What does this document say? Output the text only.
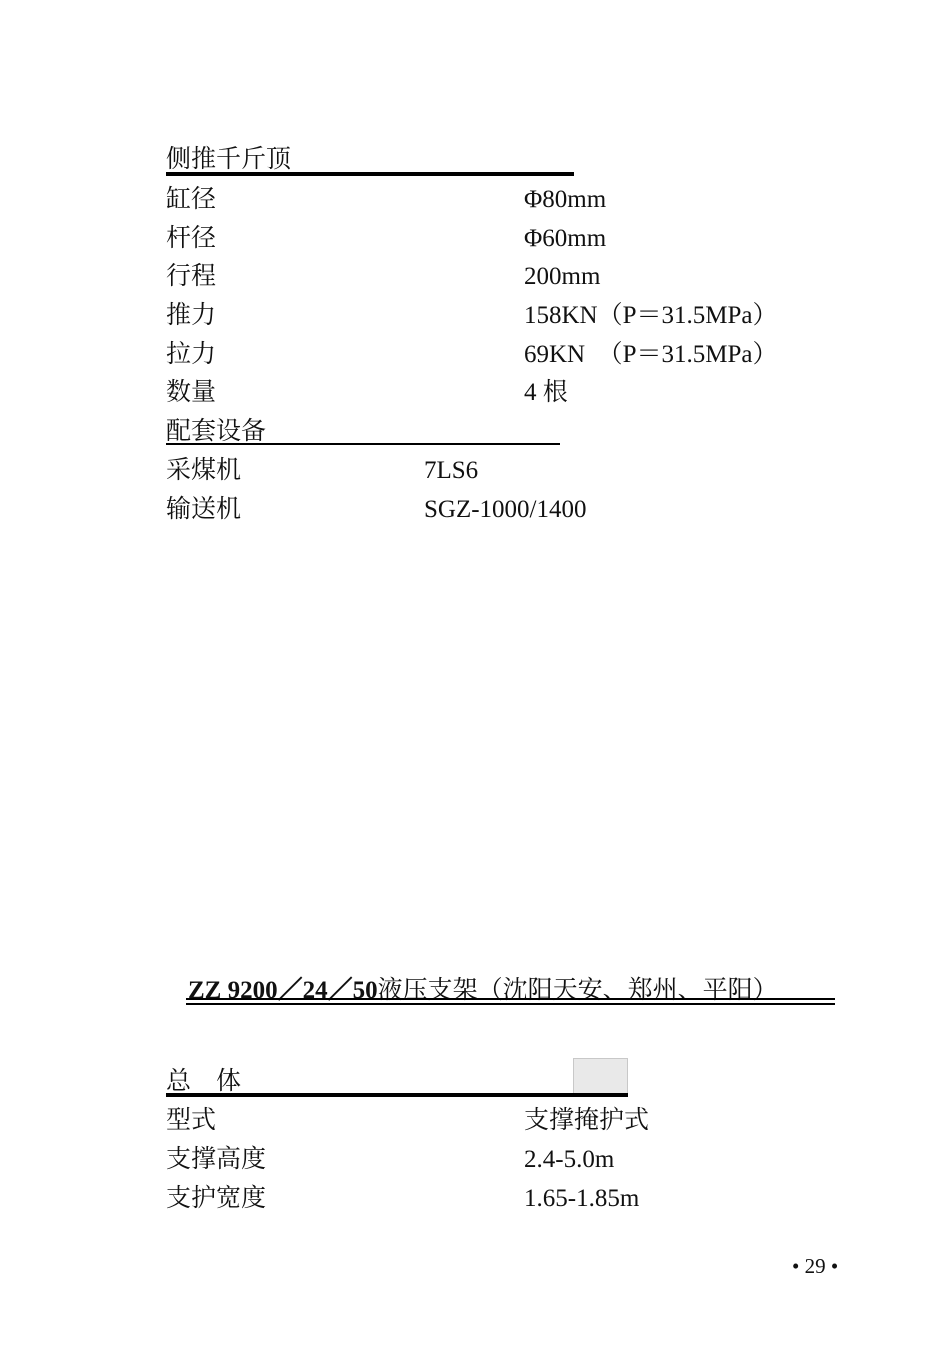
侧推千斤顶
缸径	Φ80mm
杆径	Φ60mm
行程	200mm
推力	158KN（P＝31.5MPa）
拉力	69KN　（P＝31.5MPa）
数量	4 根
配套设备
采煤机	7LS6
输送机	SGZ-1000/1400
ZZ 9200／24／50液压支架（沈阳天安、郑州、平阳）
总　体
型式	支撑掩护式
支撑高度	2.4-5.0m
支护宽度	1.65-1.85m
• 29 •
